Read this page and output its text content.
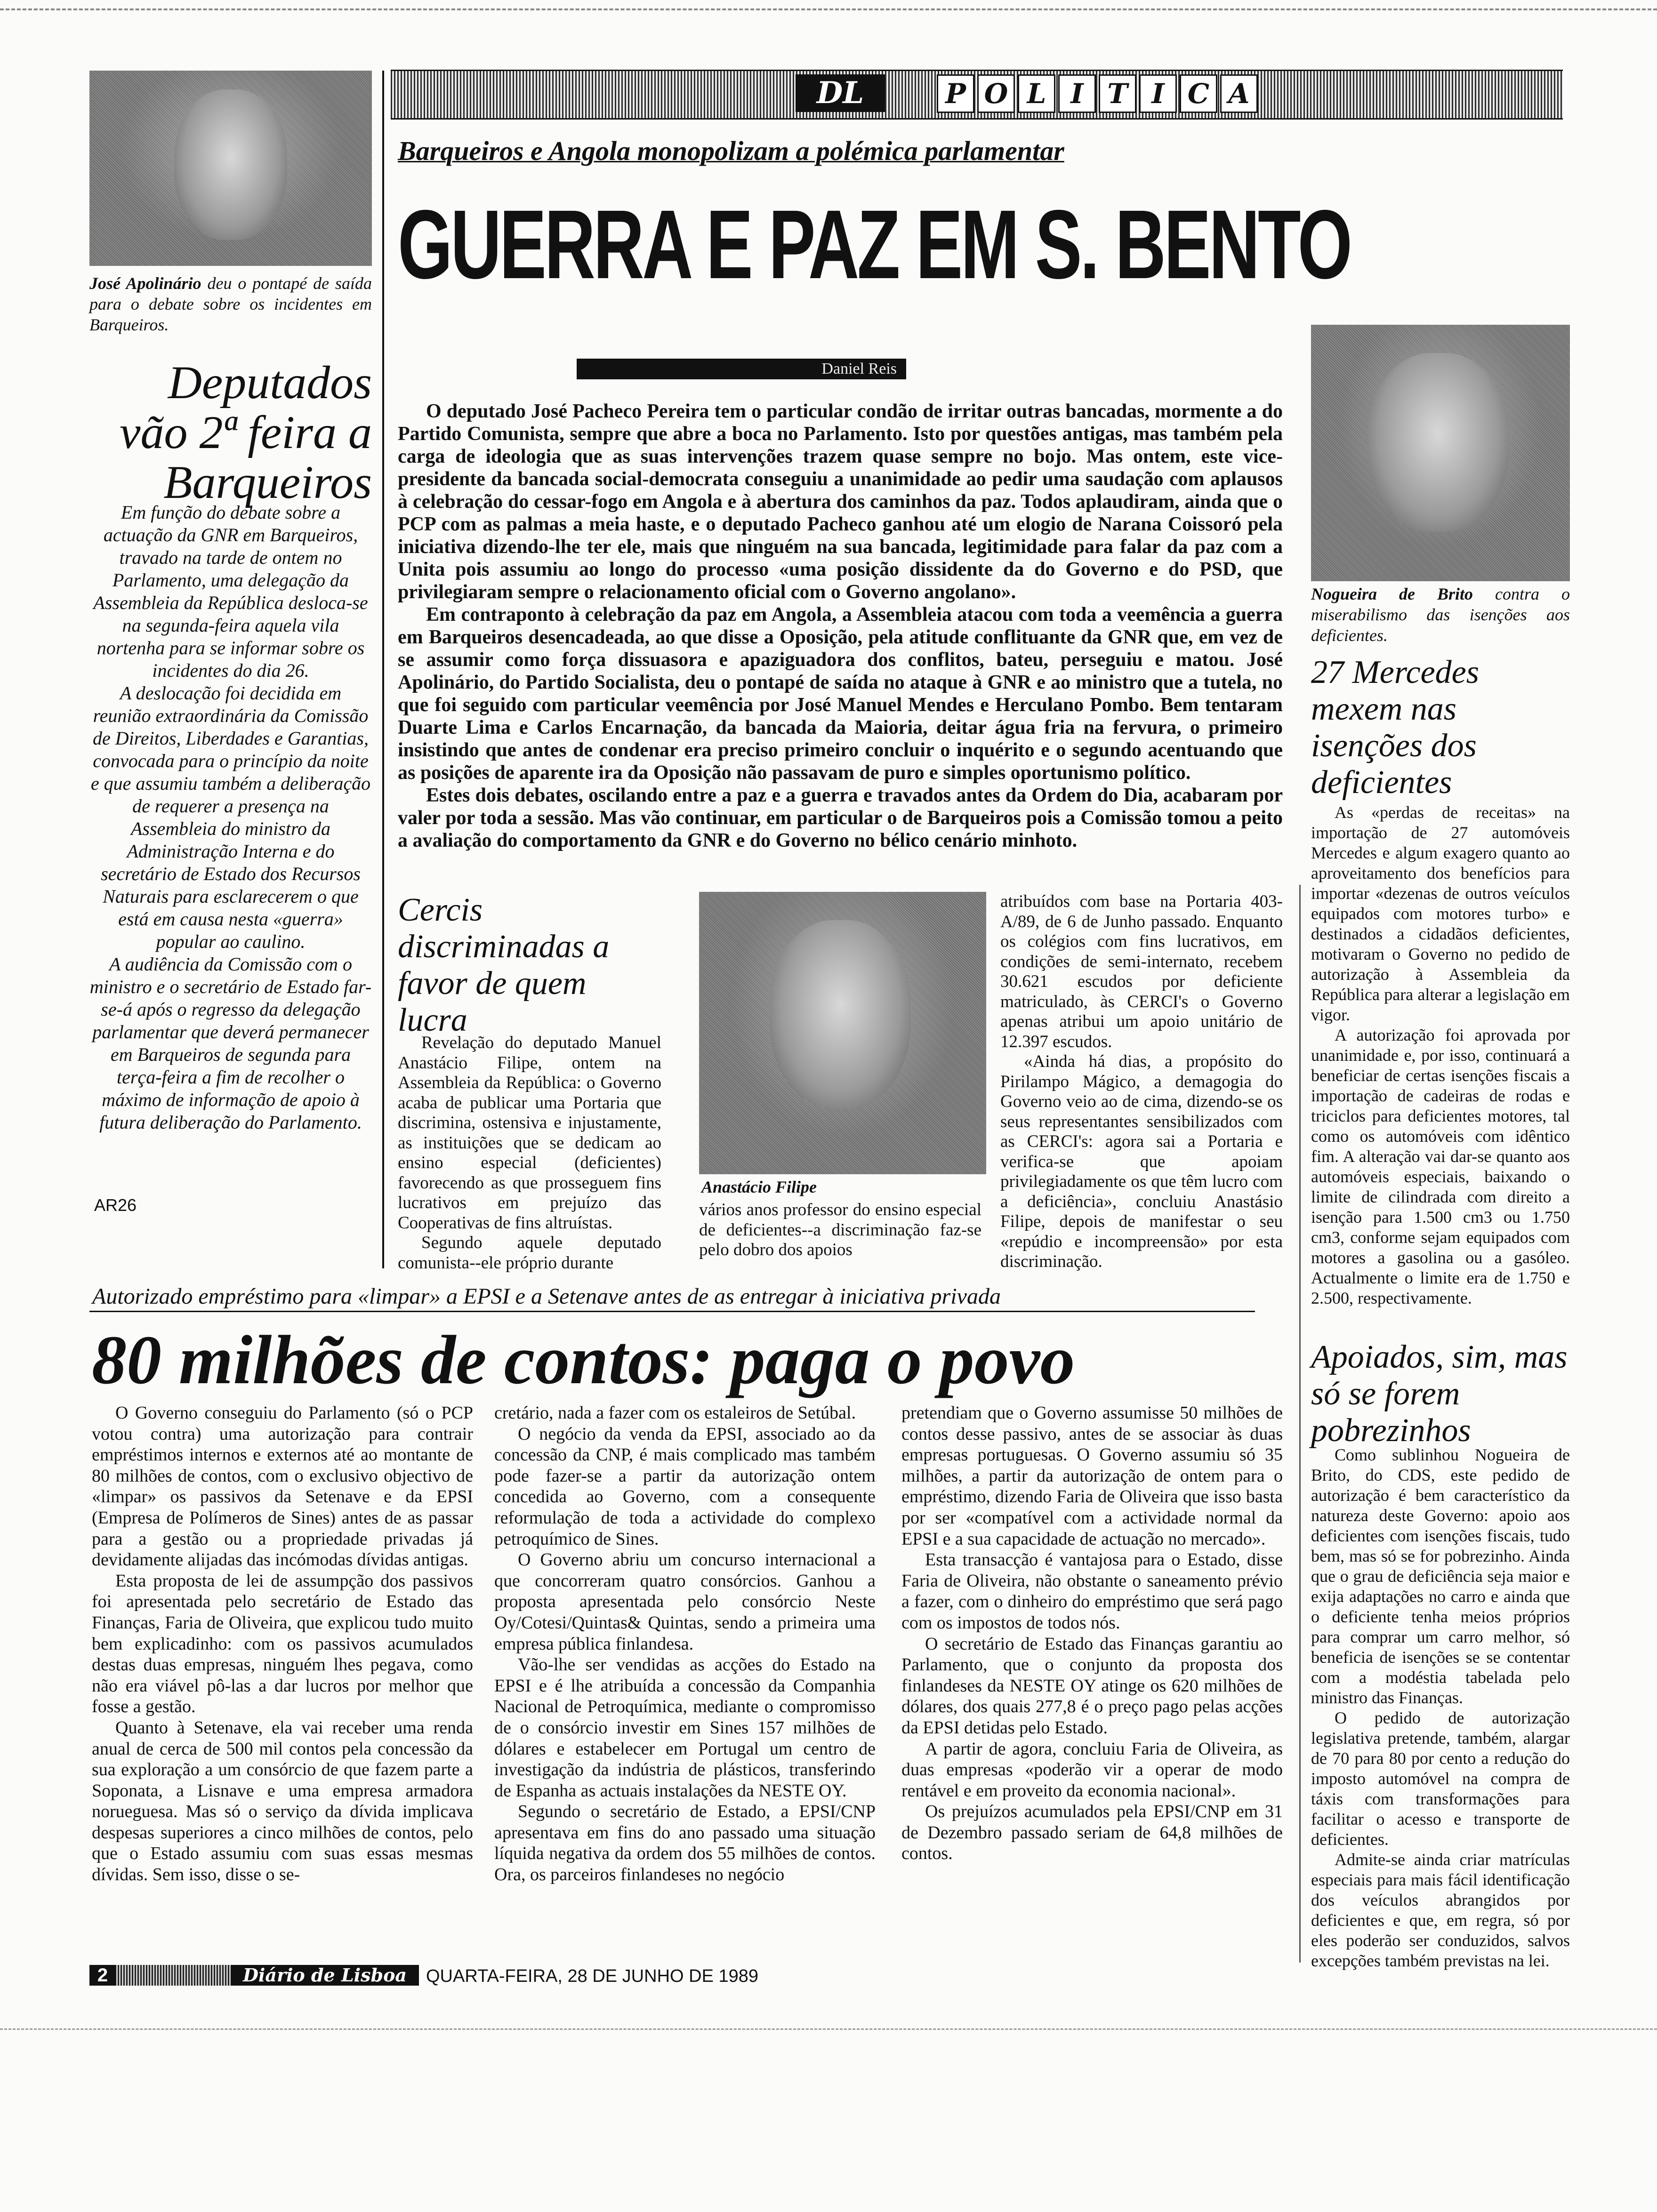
DL	P O L I T I C A
José Apolinário deu o pontapé de saída para o debate sobre os incidentes em Barqueiros.
Deputados vão 2ª feira a Barqueiros

Em função do debate sobre a actuação da GNR em Barqueiros, travado na tarde de ontem no Parlamento, uma delegação da Assembleia da República desloca-se na segunda-feira aquela vila nortenha para se informar sobre os incidentes do dia 26.

A deslocação foi decidida em reunião extraordinária da Comissão de Direitos, Liberdades e Garantias, convocada para o princípio da noite e que assumiu também a deliberação de requerer a presença na Assembleia do ministro da Administração Interna e do secretário de Estado dos Recursos Naturais para esclarecerem o que está em causa nesta «guerra» popular ao caulino.

A audiência da Comissão com o ministro e o secretário de Estado far-se-á após o regresso da delegação parlamentar que deverá permanecer em Barqueiros de segunda para terça-feira a fim de recolher o máximo de informação de apoio à futura deliberação do Parlamento.

AR26
Barqueiros e Angola monopolizam a polémica parlamentar
GUERRA E PAZ EM S. BENTO
Daniel Reis
Nogueira de Brito contra o miserabilismo das isenções aos deficientes.

O deputado José Pacheco Pereira tem o particular condão de irritar outras bancadas, mormente a do Partido Comunista, sempre que abre a boca no Parlamento. Isto por questões antigas, mas também pela carga de ideologia que as suas intervenções trazem quase sempre no bojo. Mas ontem, este vice-presidente da bancada social-democrata conseguiu a unanimidade ao pedir uma saudação com aplausos à celebração do cessar-fogo em Angola e à abertura dos caminhos da paz. Todos aplaudiram, ainda que o PCP com as palmas a meia haste, e o deputado Pacheco ganhou até um elogio de Narana Coissoró pela iniciativa dizendo-lhe ter ele, mais que ninguém na sua bancada, legitimidade para falar da paz com a Unita pois assumiu ao longo do processo «uma posição dissidente da do Governo e do PSD, que privilegiaram sempre o relacionamento oficial com o Governo angolano».

Em contraponto à celebração da paz em Angola, a Assembleia atacou com toda a veemência a guerra em Barqueiros desencadeada, ao que disse a Oposição, pela atitude conflituante da GNR que, em vez de se assumir como força dissuasora e apaziguadora dos conflitos, bateu, perseguiu e matou. José Apolinário, do Partido Socialista, deu o pontapé de saída no ataque à GNR e ao ministro que a tutela, no que foi seguido com particular veemência por José Manuel Mendes e Herculano Pombo. Bem tentaram Duarte Lima e Carlos Encarnação, da bancada da Maioria, deitar água fria na fervura, o primeiro insistindo que antes de condenar era preciso primeiro concluir o inquérito e o segundo acentuando que as posições de aparente ira da Oposição não passavam de puro e simples oportunismo político.

Estes dois debates, oscilando entre a paz e a guerra e travados antes da Ordem do Dia, acabaram por valer por toda a sessão. Mas vão continuar, em particular o de Barqueiros pois a Comissão tomou a peito a avaliação do comportamento da GNR e do Governo no bélico cenário minhoto.

27 Mercedes mexem nas isenções dos deficientes

As «perdas de receitas» na importação de 27 automóveis Mercedes e algum exagero quanto ao aproveitamento dos benefícios para importar «dezenas de outros veículos equipados com motores turbo» e destinados a cidadãos deficientes, motivaram o Governo no pedido de autorização à Assembleia da República para alterar a legislação em vigor.

A autorização foi aprovada por unanimidade e, por isso, continuará a beneficiar de certas isenções fiscais a importação de cadeiras de rodas e triciclos para deficientes motores, tal como os automóveis com idêntico fim. A alteração vai dar-se quanto aos automóveis especiais, baixando o limite de cilindrada com direito a isenção para 1.500 cm3 ou 1.750 cm3, conforme sejam equipados com motores a gasolina ou a gasóleo. Actualmente o limite era de 1.750 e 2.500, respectivamente.

Apoiados, sim, mas só se forem pobrezinhos

Como sublinhou Nogueira de Brito, do CDS, este pedido de autorização é bem característico da natureza deste Governo: apoio aos deficientes com isenções fiscais, tudo bem, mas só se for pobrezinho. Ainda que o grau de deficiência seja maior e exija adaptações no carro e ainda que o deficiente tenha meios próprios para comprar um carro melhor, só beneficia de isenções se se contentar com a modéstia tabelada pelo ministro das Finanças.

O pedido de autorização legislativa pretende, também, alargar de 70 para 80 por cento a redução do imposto automóvel na compra de táxis com transformações para facilitar o acesso e transporte de deficientes.

Admite-se ainda criar matrículas especiais para mais fácil identificação dos veículos abrangidos por deficientes e que, em regra, só por eles poderão ser conduzidos, salvos excepções também previstas na lei.

Cercis discriminadas a favor de quem lucra

Revelação do deputado Manuel Anastácio Filipe, ontem na Assembleia da República: o Governo acaba de publicar uma Portaria que discrimina, ostensiva e injustamente, as instituições que se dedicam ao ensino especial (deficientes) favorecendo as que prosseguem fins lucrativos em prejuízo das Cooperativas de fins altruístas.

Segundo aquele deputado comunista--ele próprio durante

Anastácio Filipe
vários anos professor do ensino especial de deficientes--a discriminação faz-se pelo dobro dos apoios

atribuídos com base na Portaria 403-A/89, de 6 de Junho passado. Enquanto os colégios com fins lucrativos, em condições de semi-internato, recebem 30.621 escudos por deficiente matriculado, às CERCI's o Governo apenas atribui um apoio unitário de 12.397 escudos.

«Ainda há dias, a propósito do Pirilampo Mágico, a demagogia do Governo veio ao de cima, dizendo-se os seus representantes sensibilizados com as CERCI's: agora sai a Portaria e verifica-se que apoiam privilegiadamente os que têm lucro com a deficiência», concluiu Anastásio Filipe, depois de manifestar o seu «repúdio e incompreensão» por esta discriminação.

Autorizado empréstimo para «limpar» a EPSI e a Setenave antes de as entregar à iniciativa privada
80 milhões de contos: paga o povo

O Governo conseguiu do Parlamento (só o PCP votou contra) uma autorização para contrair empréstimos internos e externos até ao montante de 80 milhões de contos, com o exclusivo objectivo de «limpar» os passivos da Setenave e da EPSI (Empresa de Polímeros de Sines) antes de as passar para a gestão ou a propriedade privadas já devidamente alijadas das incómodas dívidas antigas.

Esta proposta de lei de assumpção dos passivos foi apresentada pelo secretário de Estado das Finanças, Faria de Oliveira, que explicou tudo muito bem explicadinho: com os passivos acumulados destas duas empresas, ninguém lhes pegava, como não era viável pô-las a dar lucros por melhor que fosse a gestão.

Quanto à Setenave, ela vai receber uma renda anual de cerca de 500 mil contos pela concessão da sua exploração a um consórcio de que fazem parte a Soponata, a Lisnave e uma empresa armadora norueguesa. Mas só o serviço da dívida implicava despesas superiores a cinco milhões de contos, pelo que o Estado assumiu com suas essas mesmas dívidas. Sem isso, disse o se-

cretário, nada a fazer com os estaleiros de Setúbal.

O negócio da venda da EPSI, associado ao da concessão da CNP, é mais complicado mas também pode fazer-se a partir da autorização ontem concedida ao Governo, com a consequente reformulação de toda a actividade do complexo petroquímico de Sines.

O Governo abriu um concurso internacional a que concorreram quatro consórcios. Ganhou a proposta apresentada pelo consórcio Neste Oy/Cotesi/Quintas& Quintas, sendo a primeira uma empresa pública finlandesa.

Vão-lhe ser vendidas as acções do Estado na EPSI e é lhe atribuída a concessão da Companhia Nacional de Petroquímica, mediante o compromisso de o consórcio investir em Sines 157 milhões de dólares e estabelecer em Portugal um centro de investigação da indústria de plásticos, transferindo de Espanha as actuais instalações da NESTE OY.

Segundo o secretário de Estado, a EPSI/CNP apresentava em fins do ano passado uma situação líquida negativa da ordem dos 55 milhões de contos. Ora, os parceiros finlandeses no negócio

pretendiam que o Governo assumisse 50 milhões de contos desse passivo, antes de se associar às duas empresas portuguesas. O Governo assumiu só 35 milhões, a partir da autorização de ontem para o empréstimo, dizendo Faria de Oliveira que isso basta por ser «compatível com a actividade normal da EPSI e a sua capacidade de actuação no mercado».

Esta transacção é vantajosa para o Estado, disse Faria de Oliveira, não obstante o saneamento prévio a fazer, com o dinheiro do empréstimo que será pago com os impostos de todos nós.

O secretário de Estado das Finanças garantiu ao Parlamento, que o conjunto da proposta dos finlandeses da NESTE OY atinge os 620 milhões de dólares, dos quais 277,8 é o preço pago pelas acções da EPSI detidas pelo Estado.

A partir de agora, concluiu Faria de Oliveira, as duas empresas «poderão vir a operar de modo rentável e em proveito da economia nacional».

Os prejuízos acumulados pela EPSI/CNP em 31 de Dezembro passado seriam de 64,8 milhões de contos.

2	Diário de Lisboa	QUARTA-FEIRA, 28 DE JUNHO DE 1989
